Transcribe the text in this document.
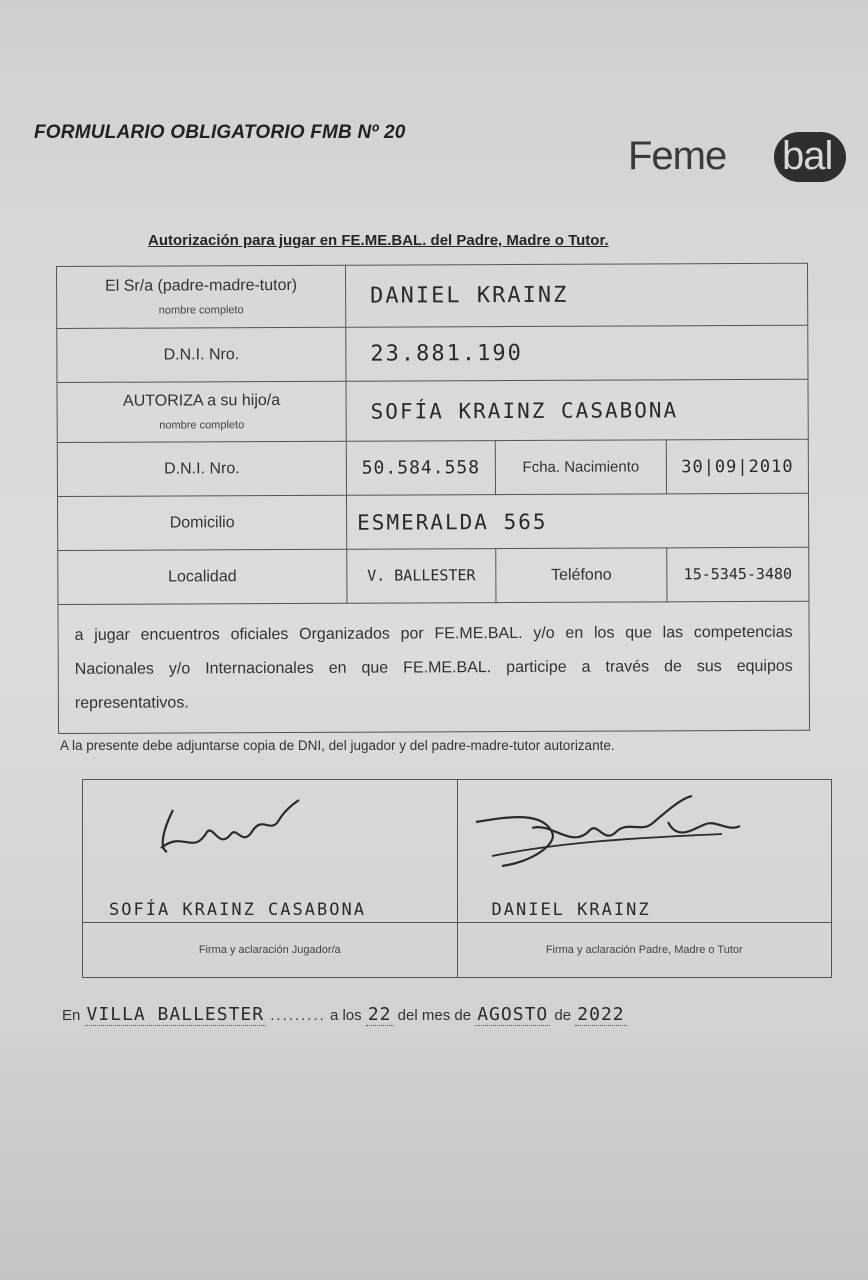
FORMULARIO OBLIGATORIO FMB Nº 20
Feme bal
Autorización para jugar en FE.ME.BAL. del Padre, Madre o Tutor.
El Sr/a (padre-madre-tutor)
nombre completo	DANIEL KRAINZ		
D.N.I. Nro.	23.881.190		
AUTORIZA a su hijo/a
nombre completo	SOFÍA KRAINZ CASABONA		
D.N.I. Nro.	50.584.558	Fcha. Nacimiento	30|09|2010
Domicilio	ESMERALDA 565		
Localidad	V. BALLESTER	Teléfono	15-5345-3480
a jugar encuentros oficiales Organizados por FE.ME.BAL. y/o en los que las competencias Nacionales y/o Internacionales en que FE.ME.BAL. participe a través de sus equipos representativos.			
A la presente debe adjuntarse copia de DNI, del jugador y del padre-madre-tutor autorizante.
SOFÍA KRAINZ CASABONA	DANIEL KRAINZ

Firma y aclaración Jugador/a	Firma y aclaración Padre, Madre o Tutor
En VILLA BALLESTER ......... a los 22 del mes de AGOSTO de 2022
